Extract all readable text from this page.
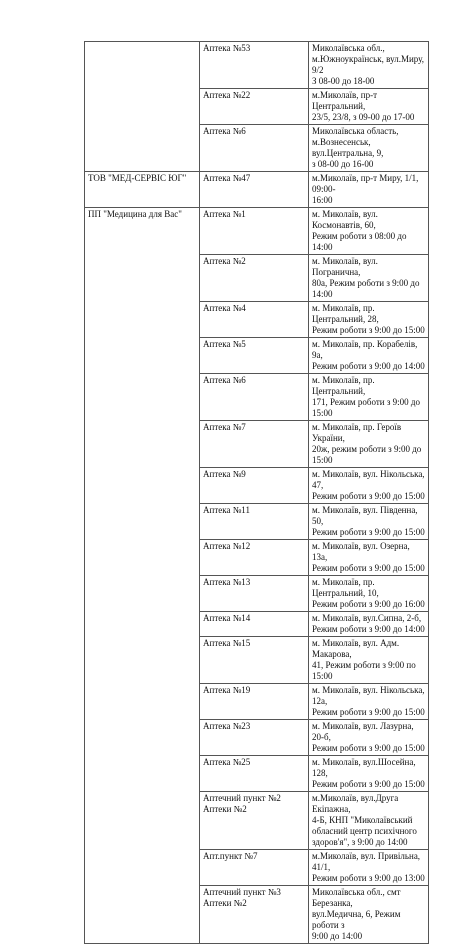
	Аптека №53	Миколаївська обл.,
м.Южноукраїнськ, вул.Миру, 9/2
З 08-00 до 18-00
	Аптека №22	м.Миколаїв, пр-т Центральний,
23/5, 23/8, з 09-00 до 17-00
	Аптека №6	Миколаївська область,
м.Вознесенськ, вул.Центральна, 9,
з 08-00 до 16-00
ТОВ "МЕД-СЕРВІС ЮГ"	Аптека №47	м.Миколаїв, пр-т Миру, 1/1, 09:00-
16:00
ПП "Медицина для Вас"	Аптека №1	м. Миколаїв, вул. Космонавтів, 60,
Режим роботи з 08:00 до 14:00
	Аптека №2	м. Миколаїв, вул. Погранична,
80а, Режим роботи з 9:00 до 14:00
	Аптека №4	м. Миколаїв, пр. Центральний, 28,
Режим роботи з 9:00 до 15:00
	Аптека №5	м. Миколаїв, пр. Корабелів, 9а,
Режим роботи з 9:00 до 14:00
	Аптека №6	м. Миколаїв, пр. Центральний,
171, Режим роботи з 9:00 до 15:00
	Аптека №7	м. Миколаїв, пр. Героїв України,
20ж, режим роботи з 9:00 до 15:00
	Аптека №9	м. Миколаїв, вул. Нікольська, 47,
Режим роботи з 9:00 до 15:00
	Аптека №11	м. Миколаїв, вул. Південна, 50,
Режим роботи з 9:00 до 15:00
	Аптека №12	м. Миколаїв, вул. Озерна, 13а,
Режим роботи з 9:00 до 15:00
	Аптека №13	м. Миколаїв, пр. Центральний, 10,
Режим роботи з 9:00 до 16:00
	Аптека №14	м. Миколаїв, вул.Сипна, 2-б,
Режим роботи з 9:00 до 14:00
	Аптека №15	м. Миколаїв, вул. Адм. Макарова,
41, Режим роботи з 9:00 по 15:00
	Аптека №19	м. Миколаїв, вул. Нікольська, 12а,
Режим роботи з 9:00 до 15:00
	Аптека №23	м. Миколаїв, вул. Лазурна, 20-б,
Режим роботи з 9:00 до 15:00
	Аптека №25	м. Миколаїв, вул.Шосейна, 128,
Режим роботи з 9:00 до 15:00
	Аптечний пункт №2
Аптеки №2	м.Миколаїв, вул.Друга Екіпажна,
4-Б, КНП "Миколаївський
обласний центр психічного
здоров'я", з 9:00 до 14:00
	Апт.пункт №7	м.Миколаїв, вул. Привільна, 41/1,
Режим роботи з 9:00 до 13:00
	Аптечний пункт №3
Аптеки №2	Миколаївська обл., смт Березанка,
вул.Медична, 6, Режим роботи з
9:00 до 14:00
